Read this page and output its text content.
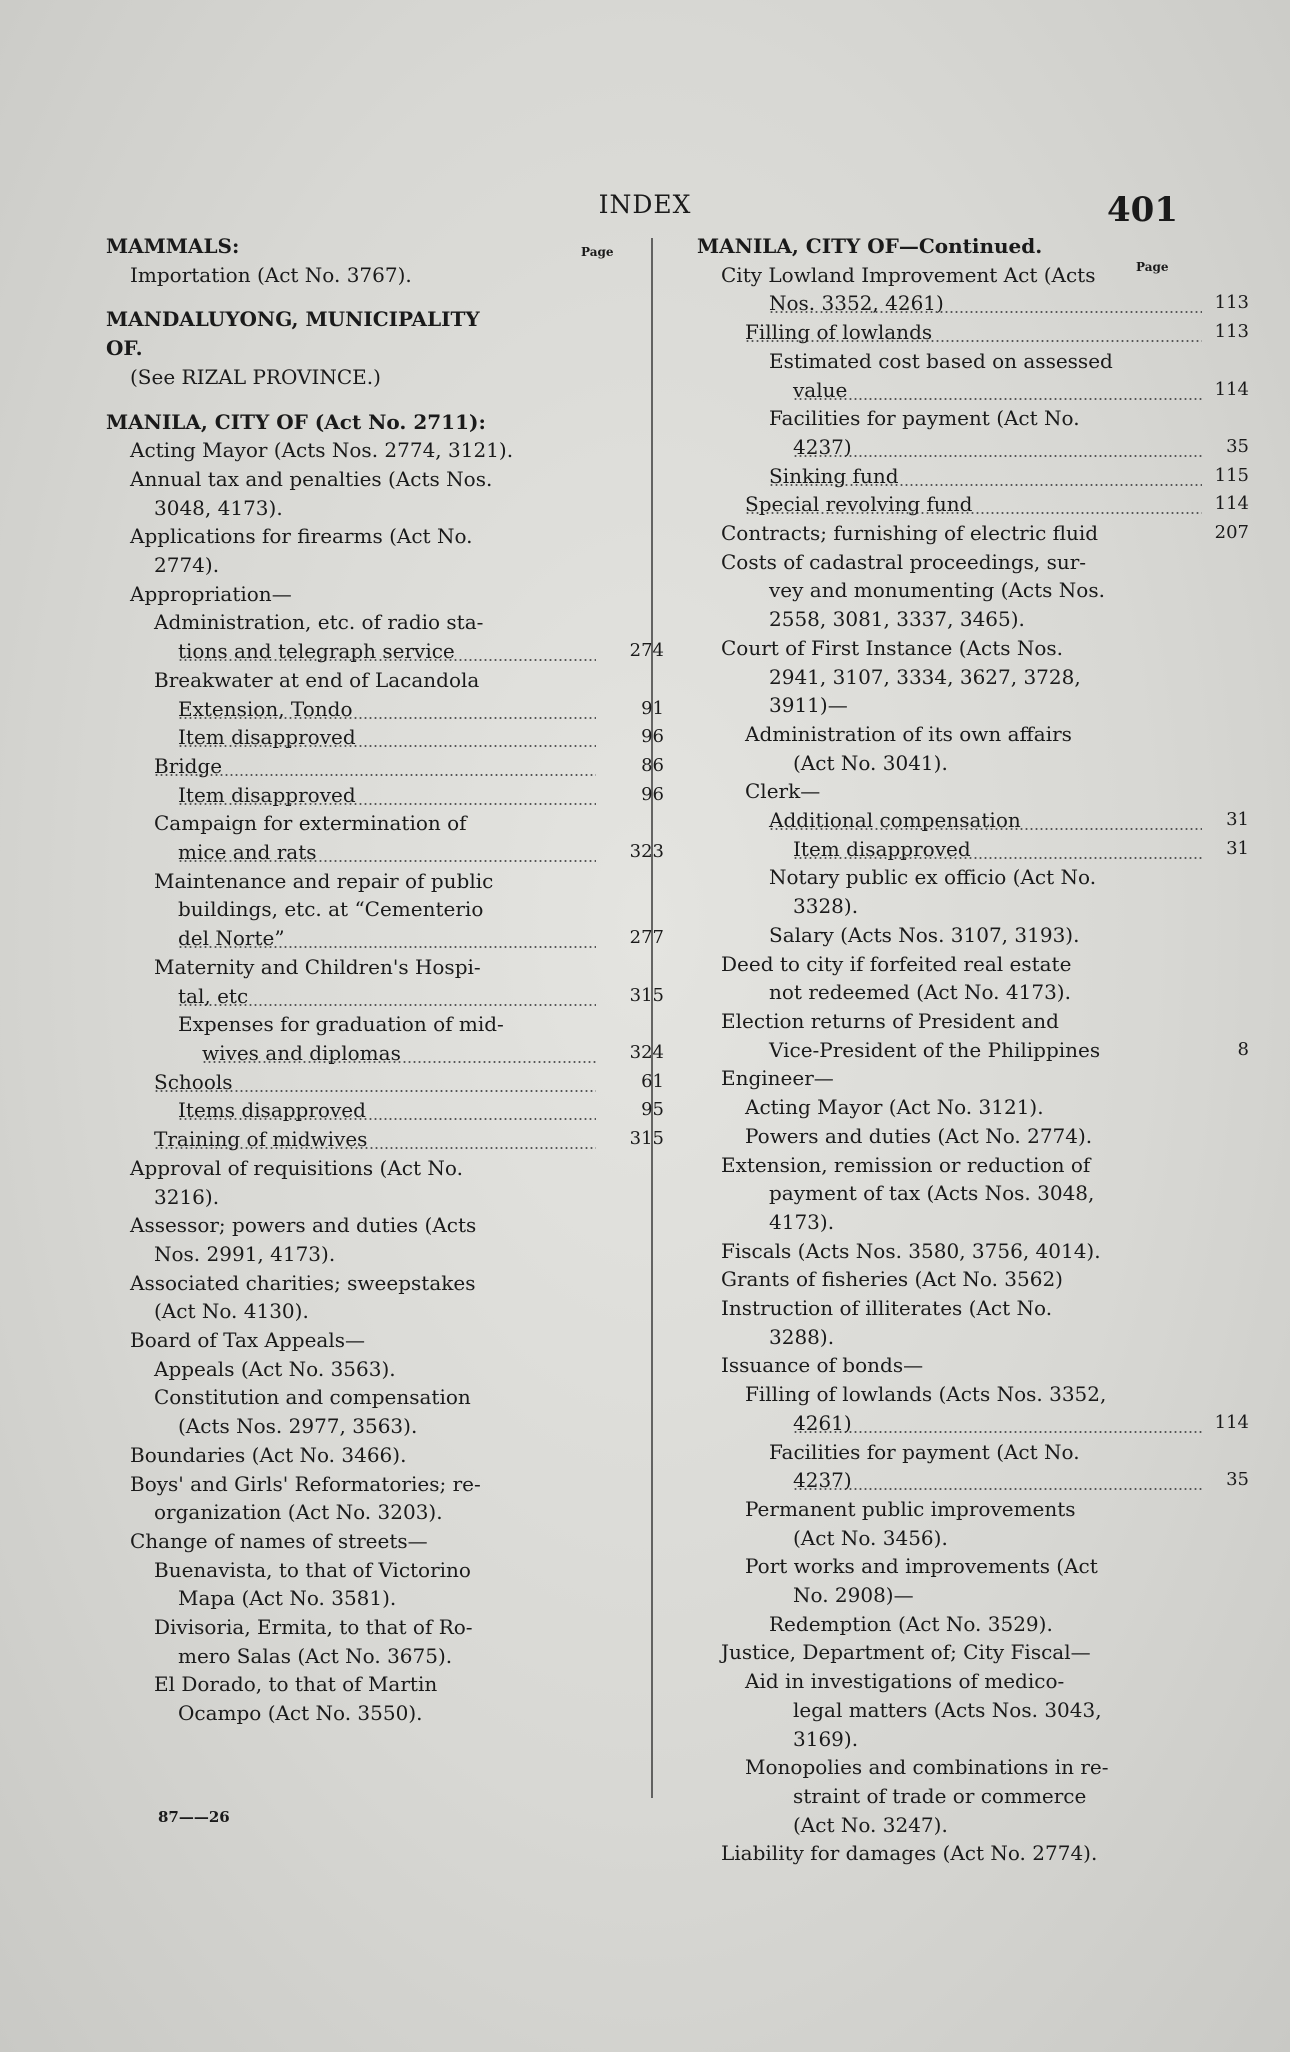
INDEX	401
Page
Page
MAMMALS:
Importation (Act No. 3767).
MANDALUYONG, MUNICIPALITY
OF.
(See RIZAL PROVINCE.)
MANILA, CITY OF (Act No. 2711):
Acting Mayor (Acts Nos. 2774, 3121).
Annual tax and penalties (Acts Nos.
3048, 4173).
Applications for firearms (Act No.
2774).
Appropriation—
Administration, etc. of radio sta-
tions and telegraph service	274
Breakwater at end of Lacandola
Extension, Tondo	91
Item disapproved	96
Bridge	86
Item disapproved	96
Campaign for extermination of
mice and rats	323
Maintenance and repair of public
buildings, etc. at “Cementerio
del Norte”	277
Maternity and Children's Hospi-
tal, etc	315
Expenses for graduation of mid-
wives and diplomas	324
Schools	61
Items disapproved	95
Training of midwives	315
Approval of requisitions (Act No.
3216).
Assessor; powers and duties (Acts
Nos. 2991, 4173).
Associated charities; sweepstakes
(Act No. 4130).
Board of Tax Appeals—
Appeals (Act No. 3563).
Constitution and compensation
(Acts Nos. 2977, 3563).
Boundaries (Act No. 3466).
Boys' and Girls' Reformatories; re-
organization (Act No. 3203).
Change of names of streets—
Buenavista, to that of Victorino
Mapa (Act No. 3581).
Divisoria, Ermita, to that of Ro-
mero Salas (Act No. 3675).
El Dorado, to that of Martin
Ocampo (Act No. 3550).
MANILA, CITY OF—Continued.
City Lowland Improvement Act (Acts
Nos. 3352, 4261)	113
Filling of lowlands	113
Estimated cost based on assessed
value	114
Facilities for payment (Act No.
4237)	35
Sinking fund	115
Special revolving fund	114
Contracts; furnishing of electric fluid	207
Costs of cadastral proceedings, sur-
vey and monumenting (Acts Nos.
2558, 3081, 3337, 3465).
Court of First Instance (Acts Nos.
2941, 3107, 3334, 3627, 3728,
3911)—
Administration of its own affairs
(Act No. 3041).
Clerk—
Additional compensation	31
Item disapproved	31
Notary public ex officio (Act No.
3328).
Salary (Acts Nos. 3107, 3193).
Deed to city if forfeited real estate
not redeemed (Act No. 4173).
Election returns of President and
Vice-President of the Philippines	8
Engineer—
Acting Mayor (Act No. 3121).
Powers and duties (Act No. 2774).
Extension, remission or reduction of
payment of tax (Acts Nos. 3048,
4173).
Fiscals (Acts Nos. 3580, 3756, 4014).
Grants of fisheries (Act No. 3562)
Instruction of illiterates (Act No.
3288).
Issuance of bonds—
Filling of lowlands (Acts Nos. 3352,
4261)	114
Facilities for payment (Act No.
4237)	35
Permanent public improvements
(Act No. 3456).
Port works and improvements (Act
No. 2908)—
Redemption (Act No. 3529).
Justice, Department of; City Fiscal—
Aid in investigations of medico-
legal matters (Acts Nos. 3043,
3169).
Monopolies and combinations in re-
straint of trade or commerce
(Act No. 3247).
Liability for damages (Act No. 2774).
87——26
